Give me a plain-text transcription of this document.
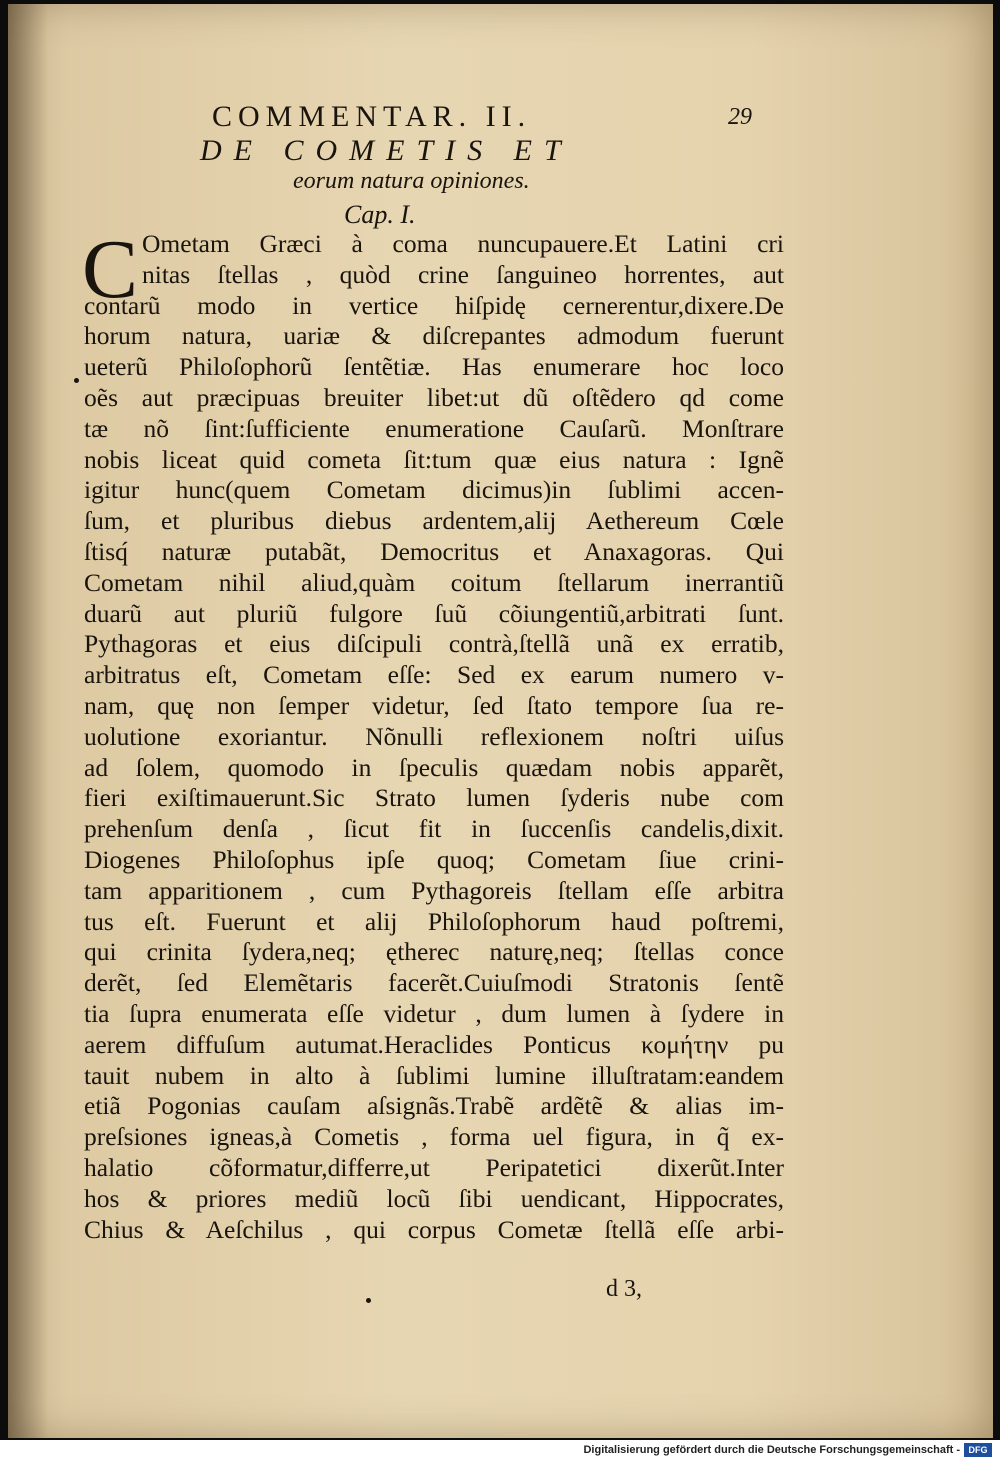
COMMENTAR. II.	29
DE COMETIS ET
eorum natura opiniones.
Cap. I.
C Ometam Græci à coma nuncupauere.Et Latini cri
nitas ſtellas , quòd crine ſanguineo horrentes, aut
contarũ modo in vertice hiſpidę cernerentur,dixere.De
horum natura, uariæ & diſcrepantes admodum fuerunt
ueterũ Philoſophorũ ſentẽtiæ. Has enumerare hoc loco
oẽs aut præcipuas breuiter libet:ut dũ oſtẽdero qd come
tæ nõ ſint:ſufficiente enumeratione Cauſarũ. Monſtrare
nobis liceat quid cometa ſit:tum quæ eius natura : Ignẽ
igitur hunc(quem Cometam dicimus)in ſublimi accen-
ſum, et pluribus diebus ardentem,alij Aethereum Cœle
ſtisq́ naturæ putabãt, Democritus et Anaxagoras. Qui
Cometam nihil aliud,quàm coitum ſtellarum inerrantiũ
duarũ aut pluriũ fulgore ſuũ cõiungentiũ,arbitrati ſunt.
Pythagoras et eius diſcipuli contrà,ſtellã unã ex erratib,
arbitratus eſt, Cometam eſſe: Sed ex earum numero v-
nam, quę non ſemper videtur, ſed ſtato tempore ſua re-
uolutione exoriantur. Nõnulli reflexionem noſtri uiſus
ad ſolem, quomodo in ſpeculis quædam nobis apparẽt,
fieri exiſtimauerunt.Sic Strato lumen ſyderis nube com
prehenſum denſa , ſicut fit in ſuccenſis candelis,dixit.
Diogenes Philoſophus ipſe quoq; Cometam ſiue crini-
tam apparitionem , cum Pythagoreis ſtellam eſſe arbitra
tus eſt. Fuerunt et alij Philoſophorum haud poſtremi,
qui crinita ſydera,neq; ętherec naturę,neq; ſtellas conce
derẽt, ſed Elemẽtaris facerẽt.Cuiuſmodi Stratonis ſentẽ
tia ſupra enumerata eſſe videtur , dum lumen à ſydere in
aerem diffuſum autumat.Heraclides Ponticus κομήτην pu
tauit nubem in alto à ſublimi lumine illuſtratam:eandem
etiã Pogonias cauſam aſsignãs.Trabẽ ardẽtẽ & alias im-
preſsiones igneas,à Cometis , forma uel figura, in q̃ ex-
halatio cõformatur,differre,ut Peripatetici dixerũt.Inter
hos & priores mediũ locũ ſibi uendicant, Hippocrates,
Chius & Aeſchilus , qui corpus Cometæ ſtellã eſſe arbi-
d 3,
Digitalisierung gefördert durch die Deutsche Forschungsgemeinschaft - DFG
